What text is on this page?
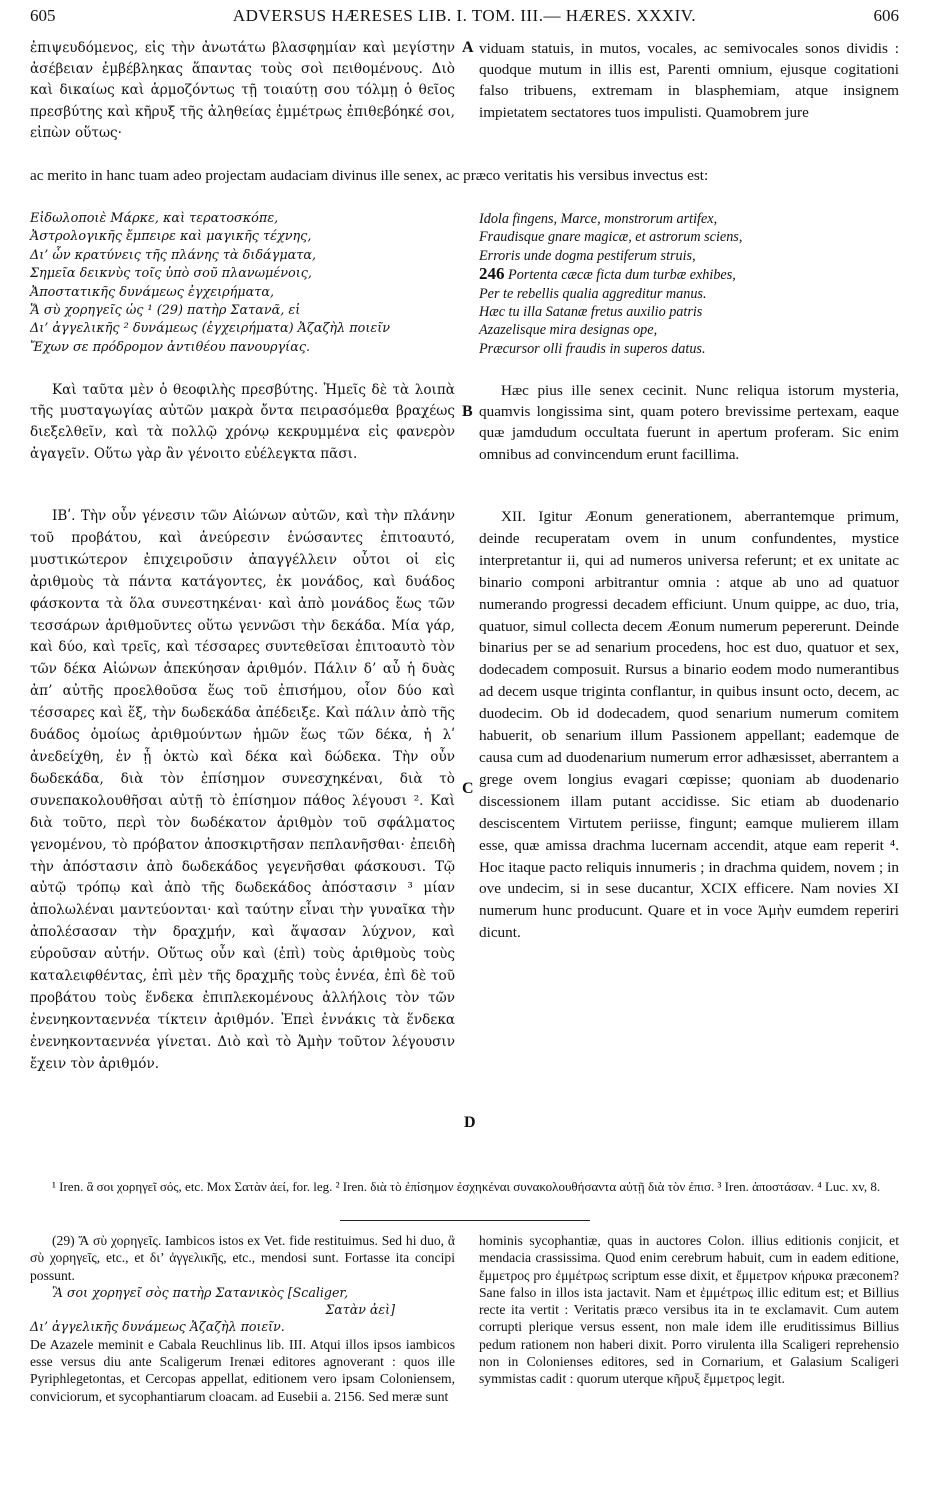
605	ADVERSUS HÆRESES LIB. I. TOM. III.— HÆRES. XXXIV.	606

ἐπιψευδόμενος, εἰς τὴν ἀνωτάτω βλασφημίαν καὶ μεγίστην ἀσέβειαν ἐμβέβληκας ἅπαντας τοὺς σοὶ πειθομένους. Διὸ καὶ δικαίως καὶ ἁρμοζόντως τῇ τοιαύτῃ σου τόλμῃ ὁ θεῖος πρεσβύτης καὶ κῆρυξ τῆς ἀληθείας ἐμμέτρως ἐπιθεβόηκέ σοι, εἰπὼν οὕτως·

A viduam statuis, in mutos, vocales, ac semivocales sonos dividis : quodque mutum in illis est, Parenti omnium, ejusque cogitationi falso tribuens, extremam in blasphemiam, atque insignem impietatem sectatores tuos impulisti. Quamobrem jure

ac merito in hanc tuam adeo projectam audaciam divinus ille senex, ac præco veritatis his versibus invectus est:

Εἰδωλοποιὲ Μάρκε, καὶ τερατοσκόπε,
Ἀστρολογικῆς ἔμπειρε καὶ μαγικῆς τέχνης,
Δι’ ὧν κρατύνεις τῆς πλάνης τὰ διδάγματα,
Σημεῖα δεικνὺς τοῖς ὑπὸ σοῦ πλανωμένοις,
Ἀποστατικῆς δυνάμεως ἐγχειρήματα,
Ἅ σὺ χορηγεῖς ὡς ¹ (29) πατὴρ Σατανᾶ, εἰ
Δι’ ἀγγελικῆς ² δυνάμεως (ἐγχειρήματα) Ἀζαζὴλ ποιεῖν
Ἔχων σε πρόδρομον ἀντιθέου πανουργίας.
Idola fingens, Marce, monstrorum artifex,
Fraudisque gnare magicæ, et astrorum sciens,
Erroris unde dogma pestiferum struis,
246 Portenta cæcæ ficta dum turbæ exhibes,
Per te rebellis qualia aggreditur manus.
Hæc tu illa Satanæ fretus auxilio patris
Azazelisque mira designas ope,
Præcursor olli fraudis in superos datus.

Καὶ ταῦτα μὲν ὁ θεοφιλὴς πρεσβύτης. Ἡμεῖς δὲ τὰ λοιπὰ τῆς μυσταγωγίας αὐτῶν μακρὰ ὄντα πειρασόμεθα βραχέως διεξελθεῖν, καὶ τὰ πολλῷ χρόνῳ κεκρυμμένα εἰς φανερὸν ἀγαγεῖν. Οὕτω γὰρ ἂν γένοιτο εὐέλεγκτα πᾶσι.

B

Hæc pius ille senex cecinit. Nunc reliqua istorum mysteria, quamvis longissima sint, quam potero brevissime pertexam, eaque quæ jamdudum occultata fuerunt in apertum proferam. Sic enim omnibus ad convincendum erunt facillima.

ΙΒʹ. Τὴν οὖν γένεσιν τῶν Αἰώνων αὐτῶν, καὶ τὴν πλάνην τοῦ προβάτου, καὶ ἀνεύρεσιν ἑνώσαντες ἐπιτοαυτό, μυστικώτερον ἐπιχειροῦσιν ἀπαγγέλλειν οὗτοι οἱ εἰς ἀριθμοὺς τὰ πάντα κατάγοντες, ἐκ μονάδος, καὶ δυάδος φάσκοντα τὰ ὅλα συνεστηκέναι· καὶ ἀπὸ μονάδος ἕως τῶν τεσσάρων ἀριθμοῦντες οὕτω γεννῶσι τὴν δεκάδα. Μία γάρ, καὶ δύο, καὶ τρεῖς, καὶ τέσσαρες συντεθεῖσαι ἐπιτοαυτὸ τὸν τῶν δέκα Αἰώνων ἀπεκύησαν ἀριθμόν. Πάλιν δ’ αὖ ἡ δυὰς ἀπ’ αὐτῆς προελθοῦσα ἕως τοῦ ἐπισήμου, οἷον δύο καὶ τέσσαρες καὶ ἕξ, τὴν δωδεκάδα ἀπέδειξε. Καὶ πάλιν ἀπὸ τῆς δυάδος ὁμοίως ἀριθμούντων ἡμῶν ἕως τῶν δέκα, ἡ λʹ ἀνεδείχθη, ἐν ᾗ ὀκτὼ καὶ δέκα καὶ δώδεκα. Τὴν οὖν δωδεκάδα, διὰ τὸν ἐπίσημον συνεσχηκέναι, διὰ τὸ συνεπακολουθῆσαι αὐτῇ τὸ ἐπίσημον πάθος λέγουσι ². Καὶ διὰ τοῦτο, περὶ τὸν δωδέκατον ἀριθμὸν τοῦ σφάλματος γενομένου, τὸ πρόβατον ἀποσκιρτῆσαν πεπλανῆσθαι· ἐπειδὴ τὴν ἀπόστασιν ἀπὸ δωδεκάδος γεγενῆσθαι φάσκουσι. Τῷ αὐτῷ τρόπῳ καὶ ἀπὸ τῆς δωδεκάδος ἀπόστασιν ³ μίαν ἀπολωλέναι μαντεύονται· καὶ ταύτην εἶναι τὴν γυναῖκα τὴν ἀπολέσασαν τὴν δραχμήν, καὶ ἅψασαν λύχνον, καὶ εὑροῦσαν αὐτήν. Οὕτως οὖν καὶ (ἐπὶ) τοὺς ἀριθμοὺς τοὺς καταλειφθέντας, ἐπὶ μὲν τῆς δραχμῆς τοὺς ἐννέα, ἐπὶ δὲ τοῦ προβάτου τοὺς ἕνδεκα ἐπιπλεκομένους ἀλλήλοις τὸν τῶν ἐνενηκονταεννέα τίκτειν ἀριθμόν. Ἐπεὶ ἐννάκις τὰ ἕνδεκα ἐνενηκονταεννέα γίνεται. Διὸ καὶ τὸ Ἀμὴν τοῦτον λέγουσιν ἔχειν τὸν ἀριθμόν.

C
D

XII. Igitur Æonum generationem, aberrantemque primum, deinde recuperatam ovem in unum confundentes, mystice interpretantur ii, qui ad numeros universa referunt; et ex unitate ac binario componi arbitrantur omnia : atque ab uno ad quatuor numerando progressi decadem efficiunt. Unum quippe, ac duo, tria, quatuor, simul collecta decem Æonum numerum pepererunt. Deinde binarius per se ad senarium procedens, hoc est duo, quatuor et sex, dodecadem composuit. Rursus a binario eodem modo numerantibus ad decem usque triginta conflantur, in quibus insunt octo, decem, ac duodecim. Ob id dodecadem, quod senarium numerum comitem habuerit, ob senarium illum Passionem appellant; eademque de causa cum ad duodenarium numerum error adhæsisset, aberrantem a grege ovem longius evagari cœpisse; quoniam ab duodenario discessionem illam putant accidisse. Sic etiam ab duodenario desciscentem Virtutem periisse, fingunt; eamque mulierem illam esse, quæ amissa drachma lucernam accendit, atque eam reperit ⁴. Hoc itaque pacto reliquis innumeris ; in drachma quidem, novem ; in ove undecim, si in sese ducantur, XCIX efficere. Nam novies XI numerum hunc producunt. Quare et in voce Ἀμὴν eumdem reperiri dicunt.

¹ Iren. ἃ σοι χορηγεῖ σός, etc. Mox Σατὰν ἀεί, for. leg. ² Iren. διὰ τὸ ἐπίσημον ἐσχηκέναι συνακολουθήσαντα αὐτῇ διὰ τὸν ἐπισ. ³ Iren. ἀποστάσαν. ⁴ Luc. xv, 8.

(29) Ἅ σὺ χορηγεῖς. Iambicos istos ex Vet. fide restituimus. Sed hi duo, ἃ σὺ χορηγεῖς, etc., et δι’ ἀγγελικῆς, etc., mendosi sunt. Fortasse ita concipi possunt.

Ἃ σοι χορηγεῖ σὸς πατὴρ Σατανικὸς [Scaliger,

Σατὰν ἀεὶ]

Δι’ ἀγγελικῆς δυνάμεως Ἀζαζὴλ ποιεῖν.

De Azazele meminit e Cabala Reuchlinus lib. III. Atqui illos ipsos iambicos esse versus diu ante Scaligerum Irenæi editores agnoverant : quos ille Pyriphlegetontas, et Cercopas appellat, editionem vero ipsam Coloniensem, conviciorum, et sycophantiarum cloacam. ad Eusebii a. 2156. Sed meræ sunt

hominis sycophantiæ, quas in auctores Colon. illius editionis conjicit, et mendacia crassissima. Quod enim cerebrum habuit, cum in eadem editione, ἔμμετρος pro ἐμμέτρως scriptum esse dixit, et ἔμμετρον κήρυκα præconem? Sane falso in illos ista jactavit. Nam et ἐμμέτρως illic editum est; et Billius recte ita vertit : Veritatis præco versibus ita in te exclamavit. Cum autem corrupti plerique versus essent, non male idem ille eruditissimus Billius pedum rationem non haberi dixit. Porro virulenta illa Scaligeri reprehensio non in Colonienses editores, sed in Cornarium, et Galasium Scaligeri symmistas cadit : quorum uterque κῆρυξ ἔμμετρος legit.
